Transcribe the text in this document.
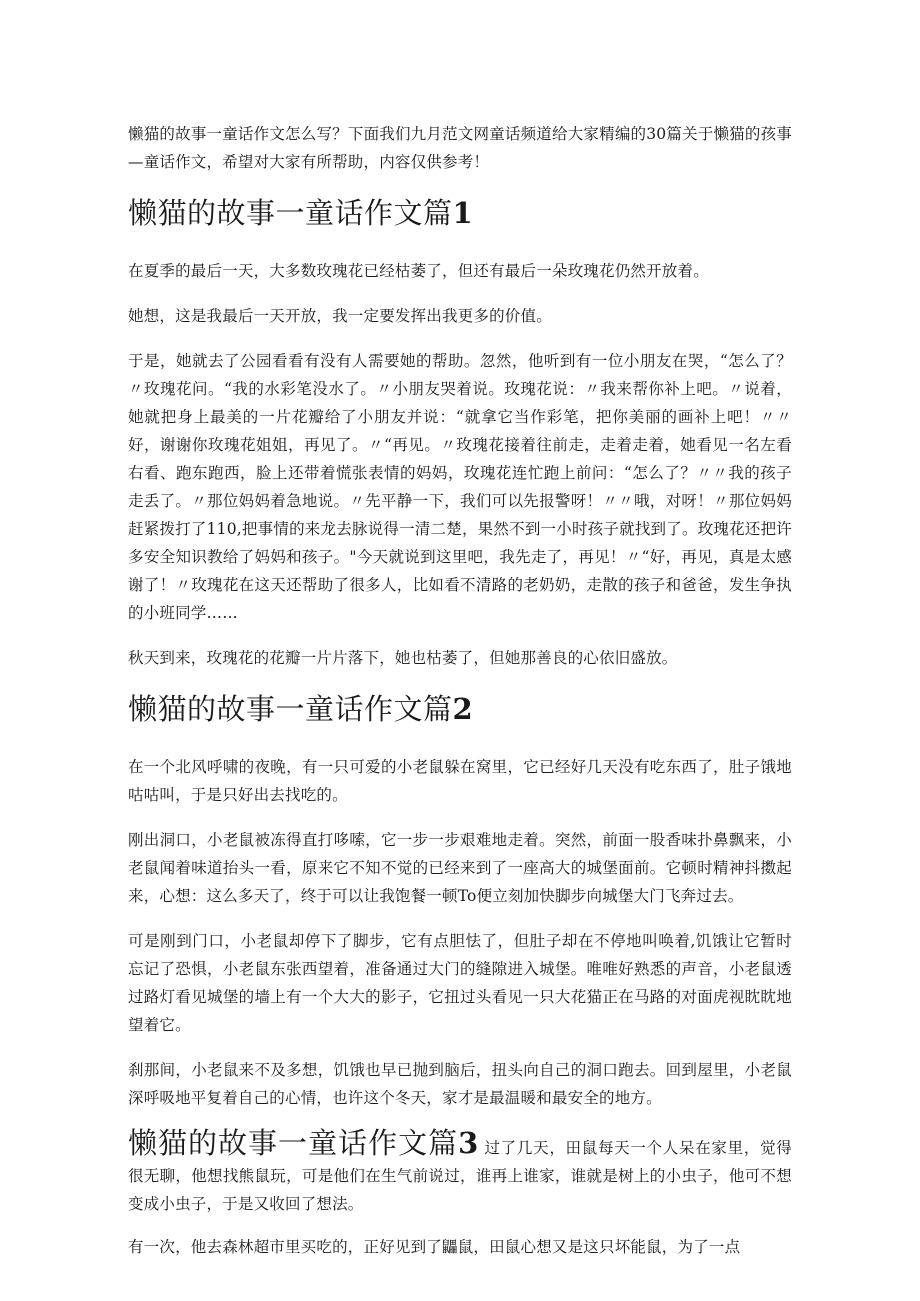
懒猫的故事一童话作文怎么写？下面我们九月范文网童话频道给大家精编的30篇关于懒猫的孩事—童话作文，希望对大家有所帮助，内容仅供参考！

懒猫的故事一童话作文篇1

在夏季的最后一天，大多数玫瑰花已经枯萎了，但还有最后一朵玫瑰花仍然开放着。

她想，这是我最后一天开放，我一定要发挥出我更多的价值。

于是，她就去了公园看看有没有人需要她的帮助。忽然，他听到有一位小朋友在哭，“怎么了？〃玫瑰花问。“我的水彩笔没水了。〃小朋友哭着说。玫瑰花说：〃我来帮你补上吧。〃说着，她就把身上最美的一片花瓣给了小朋友并说：“就拿它当作彩笔，把你美丽的画补上吧！〃〃好，谢谢你玫瑰花姐姐，再见了。〃“再见。〃玫瑰花接着往前走，走着走着，她看见一名左看右看、跑东跑西，脸上还带着慌张表情的妈妈，玫瑰花连忙跑上前问：“怎么了？〃〃我的孩子走丢了。〃那位妈妈着急地说。〃先平静一下，我们可以先报警呀！〃〃哦，对呀！〃那位妈妈赶紧拨打了110,把事情的来龙去脉说得一清二楚，果然不到一小时孩子就找到了。玫瑰花还把许多安全知识教给了妈妈和孩子。"今天就说到这里吧，我先走了，再见！〃“好，再见，真是太感谢了！〃玫瑰花在这天还帮助了很多人，比如看不清路的老奶奶，走散的孩子和爸爸，发生争执的小班同学……

秋天到来，玫瑰花的花瓣一片片落下，她也枯萎了，但她那善良的心依旧盛放。

懒猫的故事一童话作文篇2

在一个北风呼啸的夜晚，有一只可爱的小老鼠躲在窝里，它已经好几天没有吃东西了，肚子饿地咕咕叫，于是只好出去找吃的。

刚出洞口，小老鼠被冻得直打哆嗦，它一步一步艰难地走着。突然，前面一股香味扑鼻飘来，小老鼠闻着味道抬头一看，原来它不知不觉的已经来到了一座高大的城堡面前。它顿时精神抖擞起来，心想：这么多天了，终于可以让我饱餐一顿To便立刻加快脚步向城堡大门飞奔过去。

可是刚到门口，小老鼠却停下了脚步，它有点胆怯了，但肚子却在不停地叫唤着,饥饿让它暂时忘记了恐惧，小老鼠东张西望着，准备通过大门的缝隙进入城堡。唯唯好熟悉的声音，小老鼠透过路灯看见城堡的墙上有一个大大的影子，它扭过头看见一只大花猫正在马路的对面虎视眈眈地望着它。

刹那间，小老鼠来不及多想，饥饿也早已抛到脑后，扭头向自己的洞口跑去。回到屋里，小老鼠深呼吸地平复着自己的心情，也许这个冬天，家才是最温暖和最安全的地方。

懒猫的故事一童话作文篇3 过了几天，田鼠每天一个人呆在家里，觉得很无聊，他想找熊鼠玩，可是他们在生气前说过，谁再上谁家，谁就是树上的小虫子，他可不想变成小虫子，于是又收回了想法。

有一次，他去森林超市里买吃的，正好见到了鼺鼠，田鼠心想又是这只坏能鼠，为了一点
